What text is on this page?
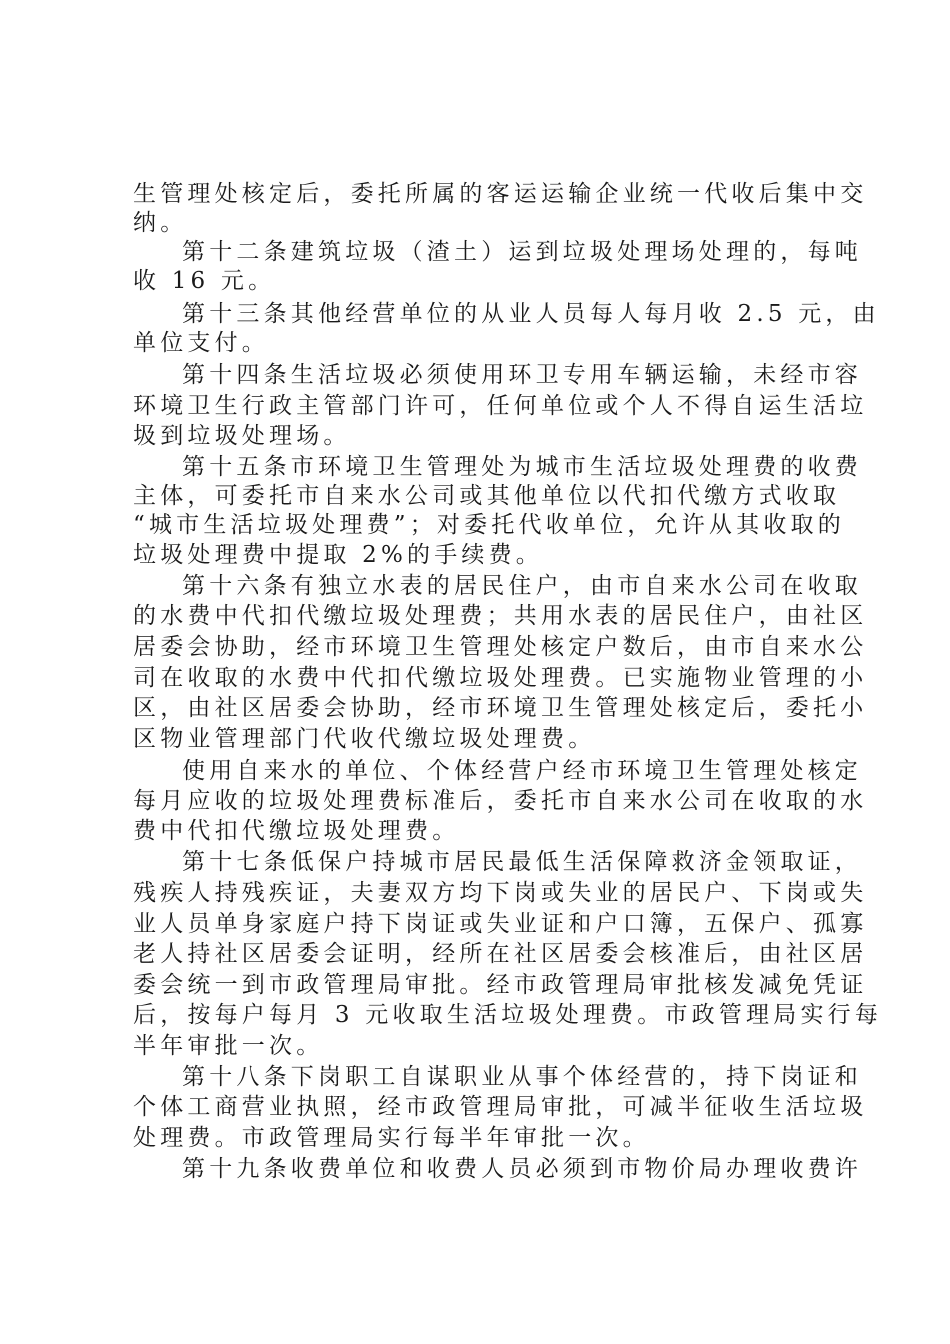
生管理处核定后，委托所属的客运运输企业统一代收后集中交
纳。
第十二条建筑垃圾（渣土）运到垃圾处理场处理的，每吨
收 16 元。
第十三条其他经营单位的从业人员每人每月收 2.5 元，由
单位支付。
第十四条生活垃圾必须使用环卫专用车辆运输，未经市容
环境卫生行政主管部门许可，任何单位或个人不得自运生活垃
圾到垃圾处理场。
第十五条市环境卫生管理处为城市生活垃圾处理费的收费
主体，可委托市自来水公司或其他单位以代扣代缴方式收取
“城市生活垃圾处理费”；对委托代收单位，允许从其收取的
垃圾处理费中提取 2%的手续费。
第十六条有独立水表的居民住户，由市自来水公司在收取
的水费中代扣代缴垃圾处理费；共用水表的居民住户，由社区
居委会协助，经市环境卫生管理处核定户数后，由市自来水公
司在收取的水费中代扣代缴垃圾处理费。已实施物业管理的小
区，由社区居委会协助，经市环境卫生管理处核定后，委托小
区物业管理部门代收代缴垃圾处理费。
使用自来水的单位、个体经营户经市环境卫生管理处核定
每月应收的垃圾处理费标准后，委托市自来水公司在收取的水
费中代扣代缴垃圾处理费。
第十七条低保户持城市居民最低生活保障救济金领取证，
残疾人持残疾证，夫妻双方均下岗或失业的居民户、下岗或失
业人员单身家庭户持下岗证或失业证和户口簿，五保户、孤寡
老人持社区居委会证明，经所在社区居委会核准后，由社区居
委会统一到市政管理局审批。经市政管理局审批核发减免凭证
后，按每户每月 3 元收取生活垃圾处理费。市政管理局实行每
半年审批一次。
第十八条下岗职工自谋职业从事个体经营的，持下岗证和
个体工商营业执照，经市政管理局审批，可减半征收生活垃圾
处理费。市政管理局实行每半年审批一次。
第十九条收费单位和收费人员必须到市物价局办理收费许
